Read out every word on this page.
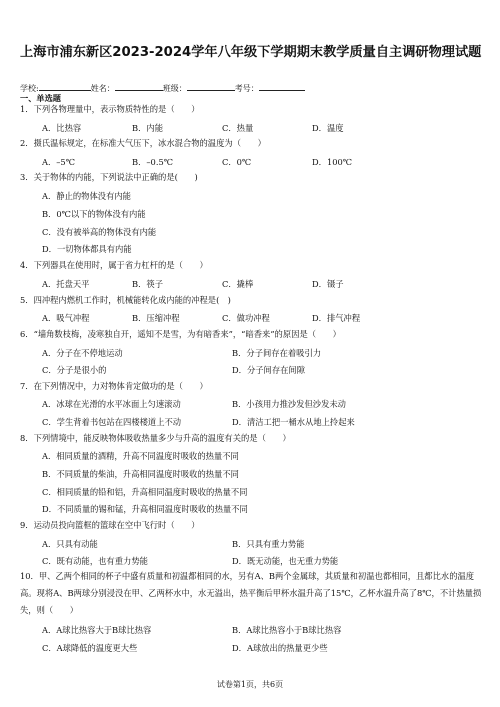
上海市浦东新区2023-2024学年八年级下学期期末教学质量自主调研物理试题
学校:	姓名：	班级：	考号：
一、单选题
1．下列各物理量中，表示物质特性的是（　　）
A．比热容	B．内能	C．热量	D．温度
2．摄氏温标规定，在标准大气压下，冰水混合物的温度为（　　）
A．–5℃	B．–0.5℃	C．0℃	D．100℃
3．关于物体的内能，下列说法中正确的是(　　)
A．静止的物体没有内能
B．0℃以下的物体没有内能
C．没有被举高的物体没有内能
D．一切物体都具有内能
4．下列器具在使用时，属于省力杠杆的是（　　）
A．托盘天平	B．筷子	C．撬棒	D．镊子
5．四冲程内燃机工作时，机械能转化成内能的冲程是(　)
A．吸气冲程	B．压缩冲程	C．做功冲程	D．排气冲程
6．“墙角数枝梅，凌寒独自开，遥知不是雪，为有暗香来”，“暗香来”的原因是（　　）
A．分子在不停地运动	B．分子间存在着吸引力
C．分子是很小的	D．分子间存在间隙
7．在下列情况中，力对物体肯定做功的是（　　）
A．冰球在光滑的水平冰面上匀速滚动	B．小孩用力推沙发但沙发未动
C．学生背着书包站在四楼楼道上不动	D．清洁工把一桶水从地上拎起来
8．下列情境中，能反映物体吸收热量多少与升高的温度有关的是（　　）
A．相同质量的酒精，升高不同温度时吸收的热量不同
B．不同质量的柴油，升高相同温度时吸收的热量不同
C．相同质量的铅和铝，升高相同温度时吸收的热量不同
D．不同质量的锡和锰，升高相同温度时吸收的热量不同
9．运动员投向篮框的篮球在空中飞行时（　　）
A．只具有动能	B．只具有重力势能
C．既有动能，也有重力势能	D．既无动能，也无重力势能
10．甲、乙两个相同的杯子中盛有质量和初温都相同的水，另有A、B两个金属球，其质量和初温也都相同，且都比水的温度高。现将A、B两球分别浸没在甲、乙两杯水中，水无溢出，热平衡后甲杯水温升高了15℃，乙杯水温升高了8℃，不计热量损失，则（　　）
A．A球比热容大于B球比热容	B．A球比热容小于B球比热容
C．A球降低的温度更大些	D．A球放出的热量更少些
试卷第1页，共6页
